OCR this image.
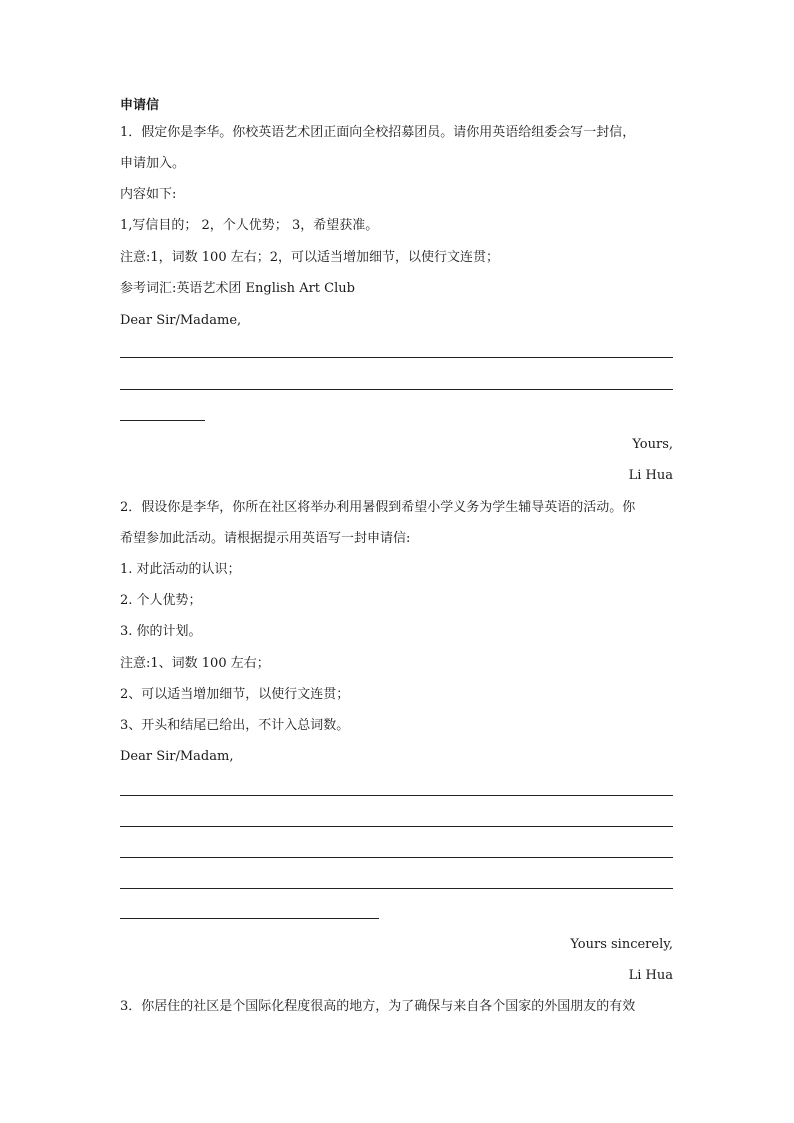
申请信
1．假定你是李华。你校英语艺术团正面向全校招募团员。请你用英语给组委会写一封信，
申请加入。
内容如下:
1,写信目的； 2，个人优势； 3，希望获准。
注意:1，词数 100 左右；2，可以适当增加细节，以使行文连贯；
参考词汇:英语艺术团 English Art Club
Dear Sir/Madame,
Yours,
Li Hua
2．假设你是李华，你所在社区将举办利用暑假到希望小学义务为学生辅导英语的活动。你
希望参加此活动。请根据提示用英语写一封申请信:
1. 对此活动的认识；
2. 个人优势；
3. 你的计划。
注意:1、词数 100 左右；
2、可以适当增加细节，以使行文连贯；
3、开头和结尾已给出，不计入总词数。
Dear Sir/Madam,
Yours sincerely,
Li Hua
3．你居住的社区是个国际化程度很高的地方，为了确保与来自各个国家的外国朋友的有效
